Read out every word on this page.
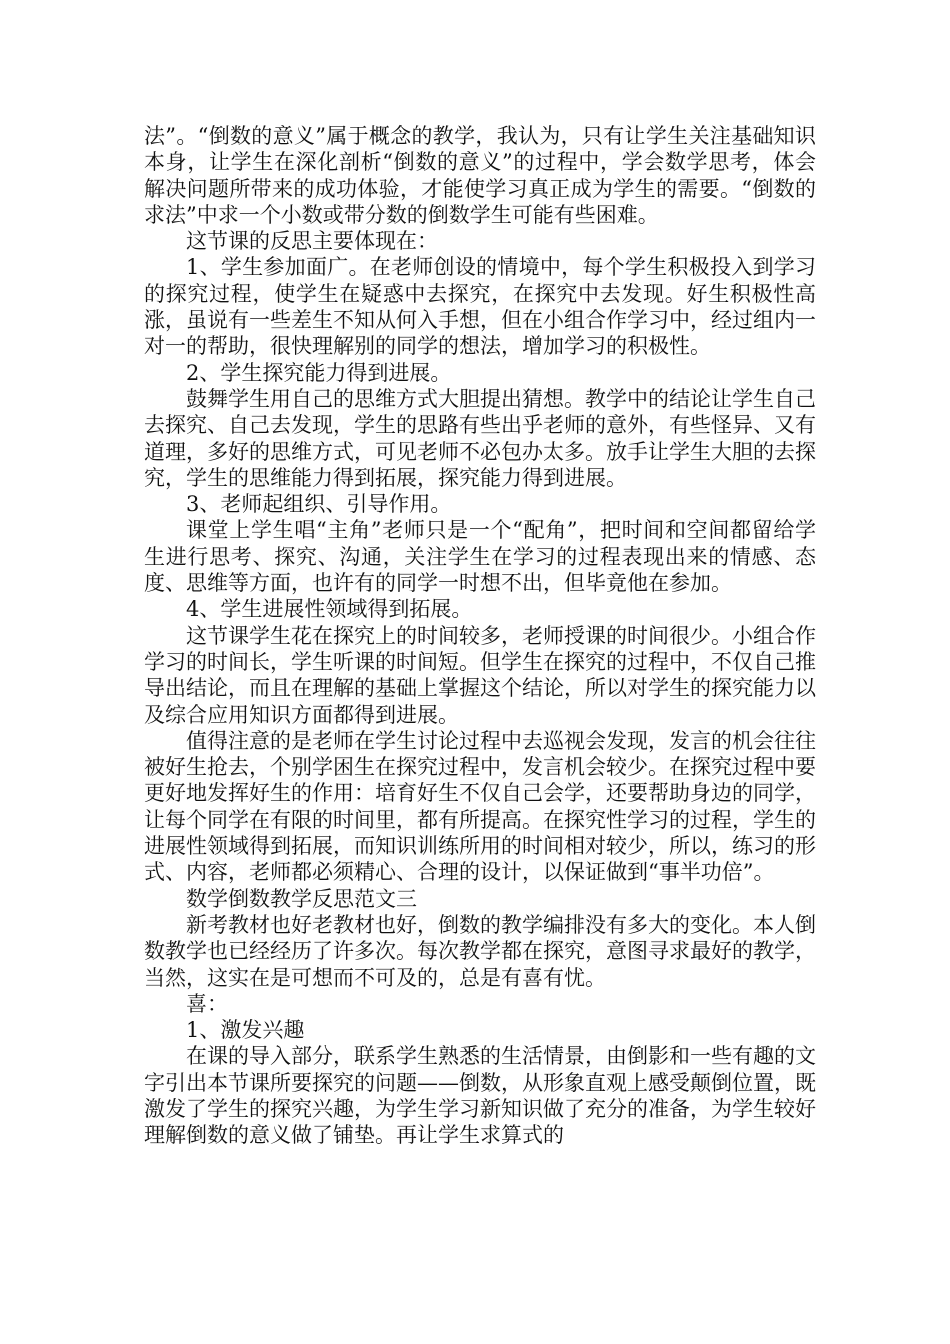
法”。“倒数的意义”属于概念的教学，我认为，只有让学生关注基础知识本身，让学生在深化剖析“倒数的意义”的过程中，学会数学思考，体会解决问题所带来的成功体验，才能使学习真正成为学生的需要。“倒数的求法”中求一个小数或带分数的倒数学生可能有些困难。

这节课的反思主要体现在：

1、学生参加面广。在老师创设的情境中，每个学生积极投入到学习的探究过程，使学生在疑惑中去探究，在探究中去发现。好生积极性高涨，虽说有一些差生不知从何入手想，但在小组合作学习中，经过组内一对一的帮助，很快理解别的同学的想法，增加学习的积极性。

2、学生探究能力得到进展。

鼓舞学生用自己的思维方式大胆提出猜想。教学中的结论让学生自己去探究、自己去发现，学生的思路有些出乎老师的意外，有些怪异、又有道理，多好的思维方式，可见老师不必包办太多。放手让学生大胆的去探究，学生的思维能力得到拓展，探究能力得到进展。

3、老师起组织、引导作用。

课堂上学生唱“主角”老师只是一个“配角”，把时间和空间都留给学生进行思考、探究、沟通，关注学生在学习的过程表现出来的情感、态度、思维等方面，也许有的同学一时想不出，但毕竟他在参加。

4、学生进展性领域得到拓展。

这节课学生花在探究上的时间较多，老师授课的时间很少。小组合作学习的时间长，学生听课的时间短。但学生在探究的过程中，不仅自己推导出结论，而且在理解的基础上掌握这个结论，所以对学生的探究能力以及综合应用知识方面都得到进展。

值得注意的是老师在学生讨论过程中去巡视会发现，发言的机会往往被好生抢去，个别学困生在探究过程中，发言机会较少。在探究过程中要更好地发挥好生的作用：培育好生不仅自己会学，还要帮助身边的同学，让每个同学在有限的时间里，都有所提高。在探究性学习的过程，学生的进展性领域得到拓展，而知识训练所用的时间相对较少，所以，练习的形式、内容，老师都必须精心、合理的设计，以保证做到“事半功倍”。

数学倒数教学反思范文三

新考教材也好老教材也好，倒数的教学编排没有多大的变化。本人倒数教学也已经经历了许多次。每次教学都在探究，意图寻求最好的教学，当然，这实在是可想而不可及的，总是有喜有忧。

喜：

1、激发兴趣

在课的导入部分，联系学生熟悉的生活情景，由倒影和一些有趣的文字引出本节课所要探究的问题——倒数，从形象直观上感受颠倒位置，既激发了学生的探究兴趣，为学生学习新知识做了充分的准备，为学生较好理解倒数的意义做了铺垫。再让学生求算式的
